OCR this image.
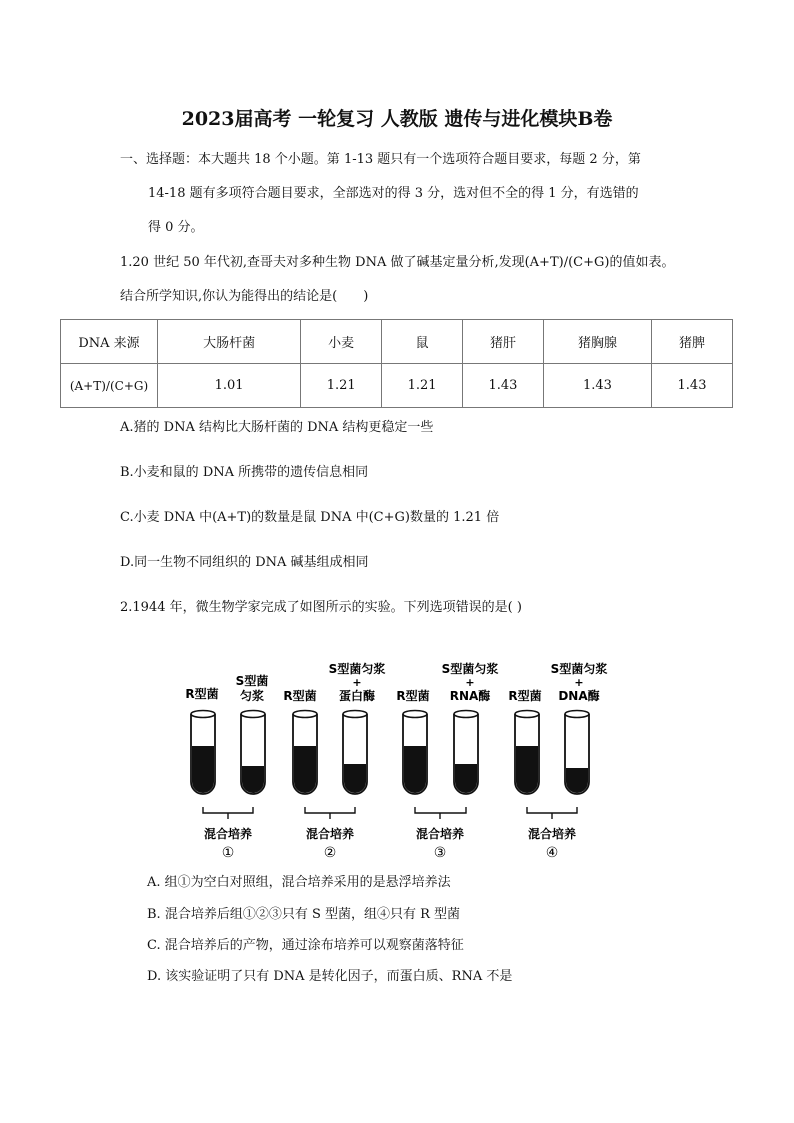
2023届高考 一轮复习 人教版 遗传与进化模块B卷
一、选择题：本大题共 18 个小题。第 1-13 题只有一个选项符合题目要求，每题 2 分，第
14-18 题有多项符合题目要求，全部选对的得 3 分，选对但不全的得 1 分，有选错的
得 0 分。
1.20 世纪 50 年代初,查哥夫对多种生物 DNA 做了碱基定量分析,发现(A+T)/(C+G)的值如表。
结合所学知识,你认为能得出的结论是(　　)
DNA 来源	大肠杆菌	小麦	鼠	猪肝	猪胸腺	猪脾
(A+T)/(C+G)	1.01	1.21	1.21	1.43	1.43	1.43
A.猪的 DNA 结构比大肠杆菌的 DNA 结构更稳定一些
B.小麦和鼠的 DNA 所携带的遗传信息相同
C.小麦 DNA 中(A+T)的数量是鼠 DNA 中(C+G)数量的 1.21 倍
D.同一生物不同组织的 DNA 碱基组成相同
2.1944 年，微生物学家完成了如图所示的实验。下列选项错误的是( )
R型菌
S型菌
匀浆 R型菌
S型菌匀浆
+
蛋白酶 R型菌
S型菌匀浆
+
RNA酶 R型菌
S型菌匀浆
+
DNA酶
混合培养
①
混合培养
②
混合培养
③
混合培养
④
A. 组①为空白对照组，混合培养采用的是悬浮培养法
B. 混合培养后组①②③只有 S 型菌，组④只有 R 型菌
C. 混合培养后的产物，通过涂布培养可以观察菌落特征
D. 该实验证明了只有 DNA 是转化因子，而蛋白质、RNA 不是
